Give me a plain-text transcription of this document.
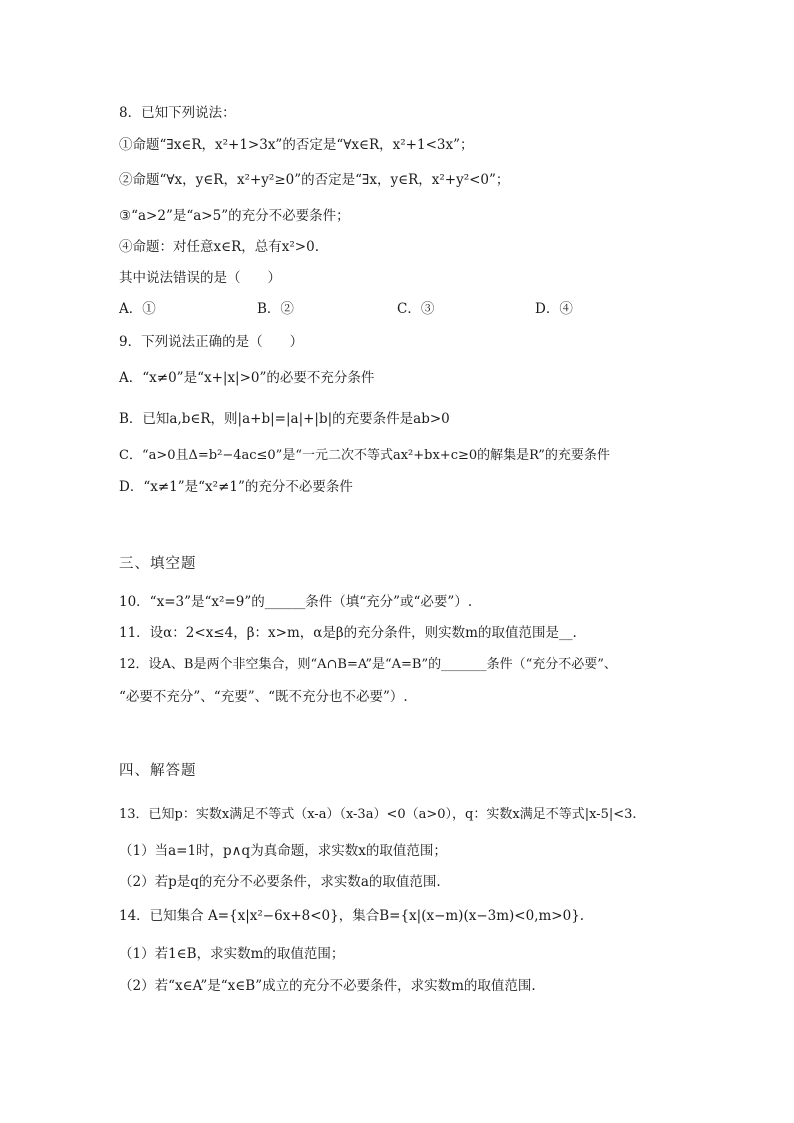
8．已知下列说法：
①命题“∃x∈R，x²+1>3x”的否定是“∀x∈R，x²+1<3x”；
②命题“∀x，y∈R，x²+y²≥0”的否定是“∃x，y∈R，x²+y²<0”；
③“a>2”是“a>5”的充分不必要条件；
④命题：对任意x∈R，总有x²>0.
其中说法错误的是（　　）
A．①	B．②	C．③	D．④
9．下列说法正确的是（　　）
A．“x≠0”是“x+|x|>0”的必要不充分条件
B．已知a,b∈R，则|a+b|=|a|+|b|的充要条件是ab>0
C．“a>0且Δ=b²−4ac≤0”是“一元二次不等式ax²+bx+c≥0的解集是R”的充要条件
D．“x≠1”是“x²≠1”的充分不必要条件
三、填空题
10．“x=3”是“x²=9”的______条件（填“充分”或“必要”）.
11．设α：2<x≤4，β：x>m，α是β的充分条件，则实数m的取值范围是__.
12．设A、B是两个非空集合，则“A∩B=A”是“A=B”的_______条件（“充分不必要”、
“必要不充分”、“充要”、“既不充分也不必要”）.
四、解答题
13．已知p：实数x满足不等式（x-a）（x-3a）<0（a>0），q：实数x满足不等式|x-5|<3.
（1）当a=1时，p∧q为真命题，求实数x的取值范围；
（2）若p是q的充分不必要条件，求实数a的取值范围.
14．已知集合 A={x|x²−6x+8<0}，集合B={x|(x−m)(x−3m)<0,m>0}.
（1）若1∈B，求实数m的取值范围；
（2）若“x∈A”是“x∈B”成立的充分不必要条件，求实数m的取值范围.
